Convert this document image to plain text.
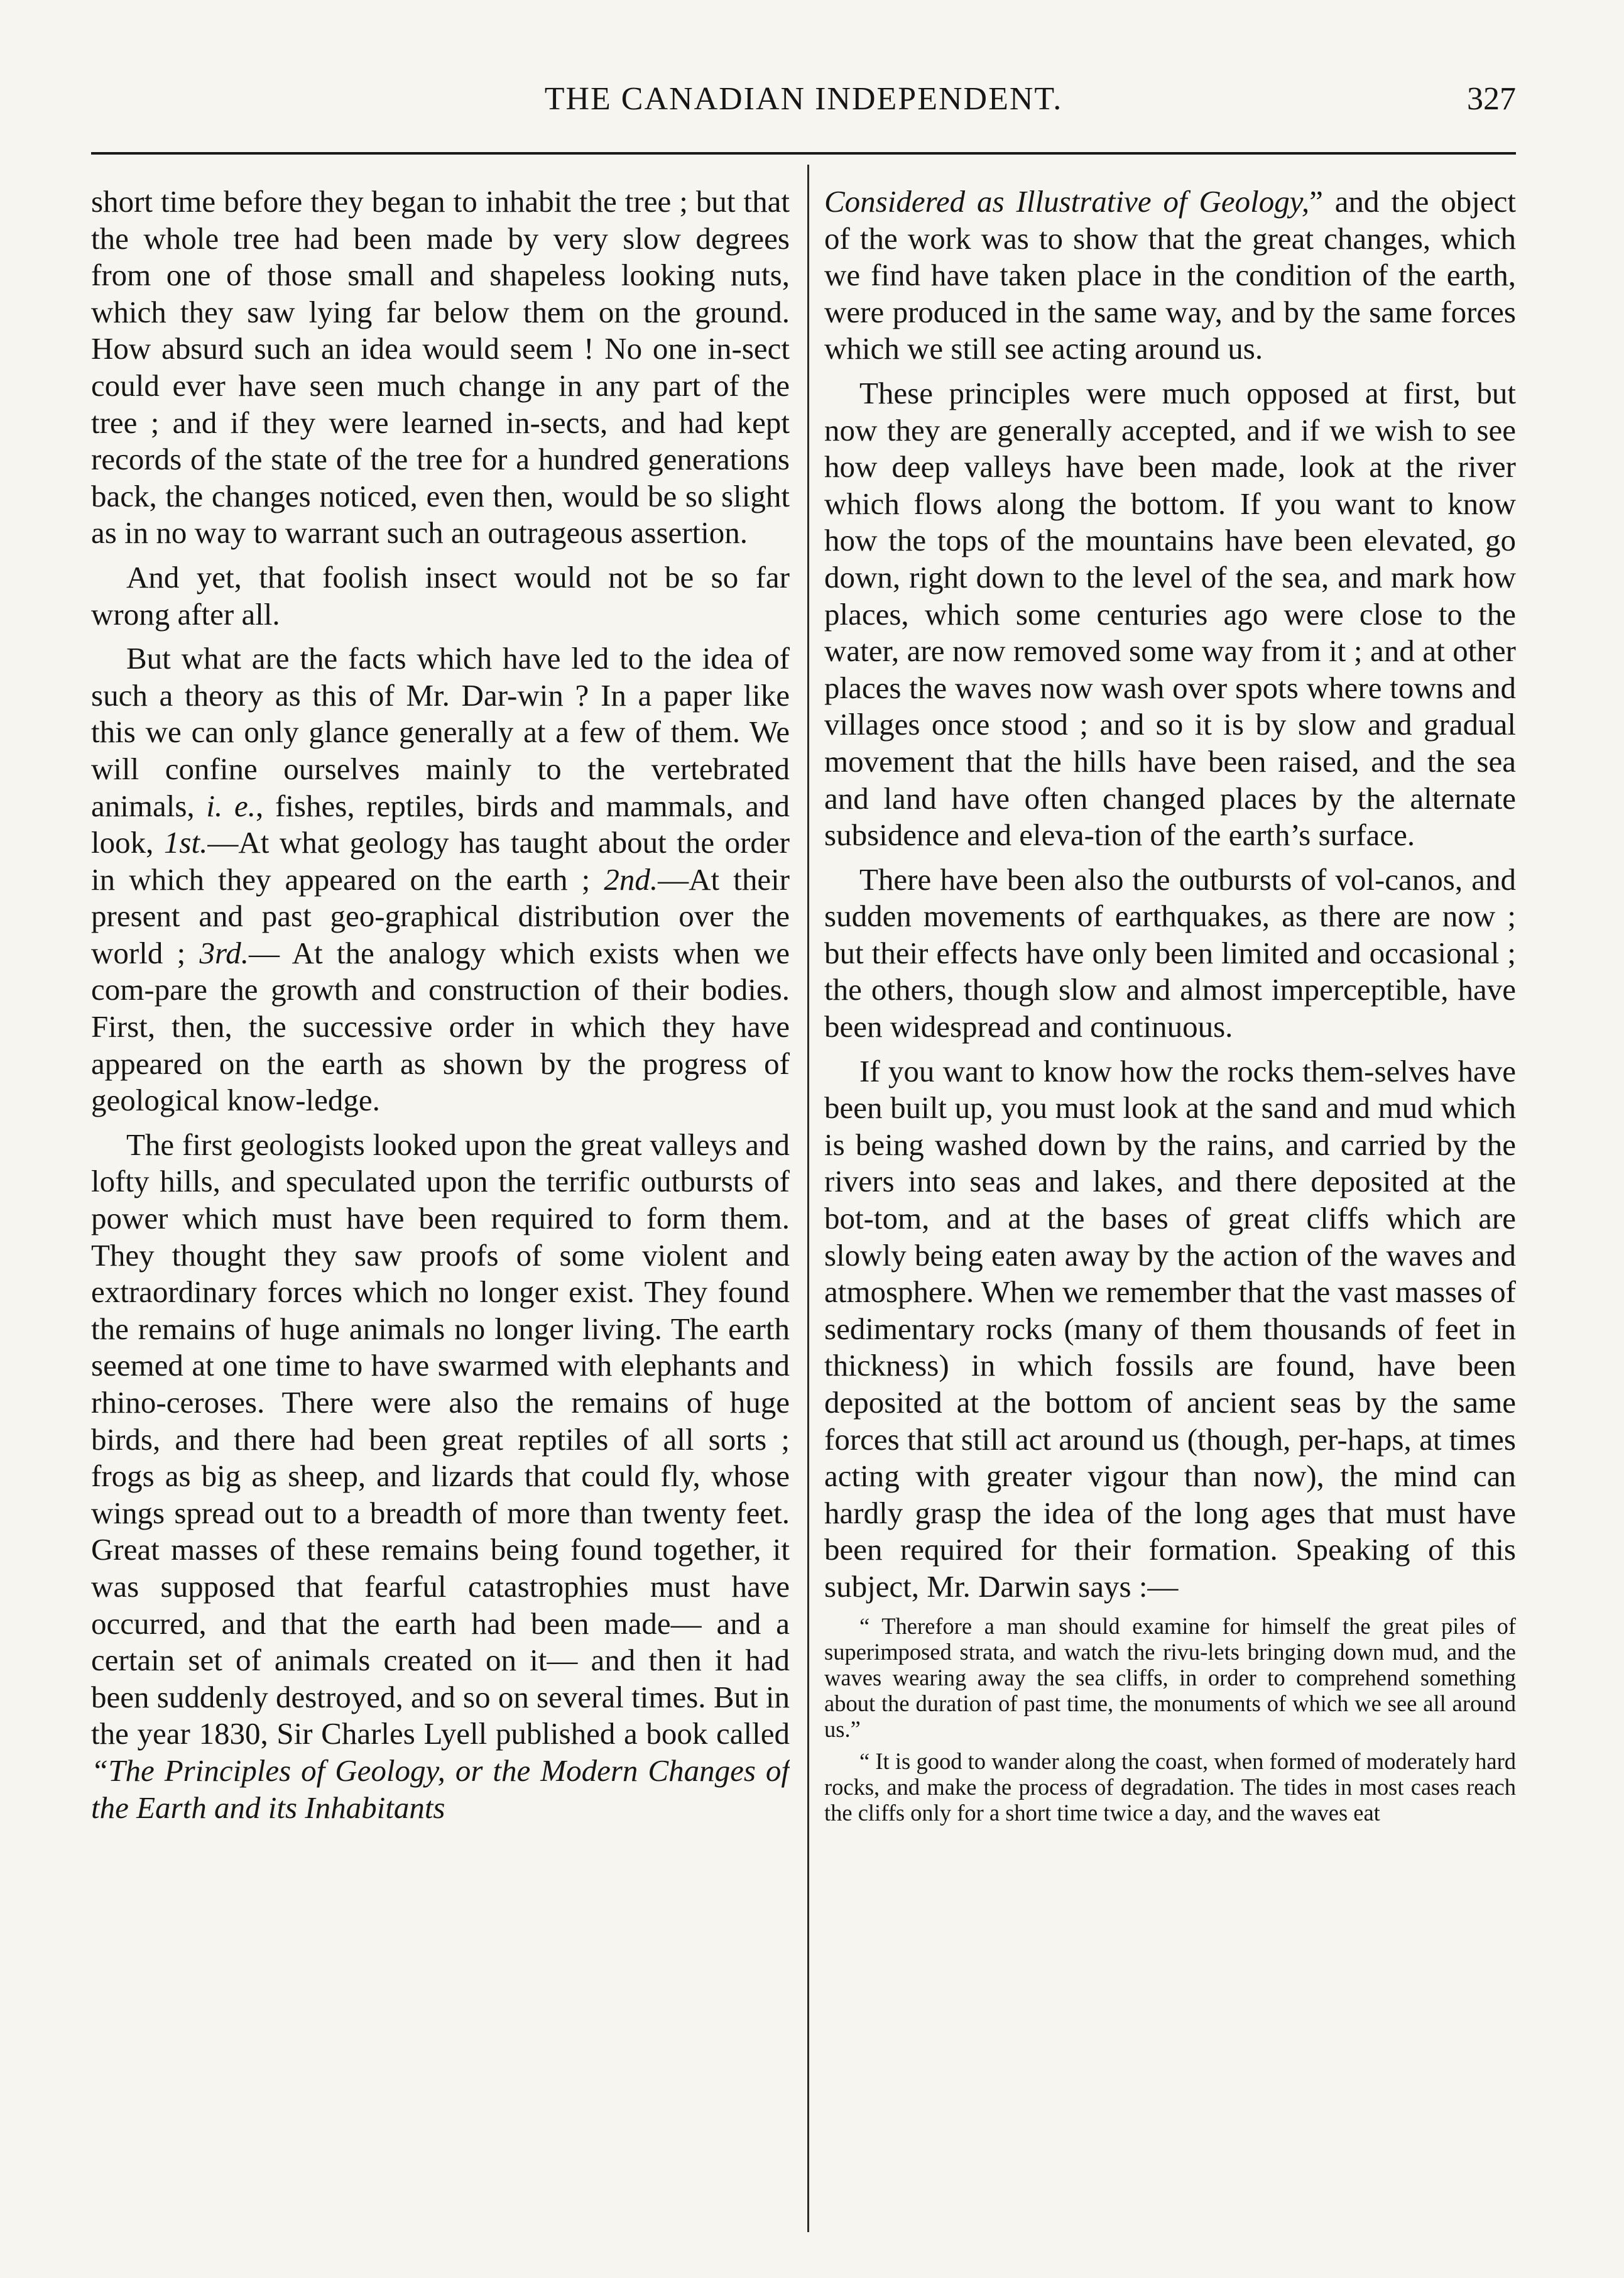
THE CANADIAN INDEPENDENT.	327

short time before they began to inhabit the tree ; but that the whole tree had been made by very slow degrees from one of those small and shapeless looking nuts, which they saw lying far below them on the ground. How absurd such an idea would seem ! No one in-sect could ever have seen much change in any part of the tree ; and if they were learned in-sects, and had kept records of the state of the tree for a hundred generations back, the changes noticed, even then, would be so slight as in no way to warrant such an outrageous assertion.

And yet, that foolish insect would not be so far wrong after all.

But what are the facts which have led to the idea of such a theory as this of Mr. Dar-win ? In a paper like this we can only glance generally at a few of them. We will confine ourselves mainly to the vertebrated animals, i. e., fishes, reptiles, birds and mammals, and look, 1st.—At what geology has taught about the order in which they appeared on the earth ; 2nd.—At their present and past geo-graphical distribution over the world ; 3rd.— At the analogy which exists when we com-pare the growth and construction of their bodies. First, then, the successive order in which they have appeared on the earth as shown by the progress of geological know-ledge.

The first geologists looked upon the great valleys and lofty hills, and speculated upon the terrific outbursts of power which must have been required to form them. They thought they saw proofs of some violent and extraordinary forces which no longer exist. They found the remains of huge animals no longer living. The earth seemed at one time to have swarmed with elephants and rhino-ceroses. There were also the remains of huge birds, and there had been great reptiles of all sorts ; frogs as big as sheep, and lizards that could fly, whose wings spread out to a breadth of more than twenty feet. Great masses of these remains being found together, it was supposed that fearful catastrophies must have occurred, and that the earth had been made— and a certain set of animals created on it— and then it had been suddenly destroyed, and so on several times. But in the year 1830, Sir Charles Lyell published a book called “The Principles of Geology, or the Modern Changes of the Earth and its Inhabitants

Considered as Illustrative of Geology,” and the object of the work was to show that the great changes, which we find have taken place in the condition of the earth, were produced in the same way, and by the same forces which we still see acting around us.

These principles were much opposed at first, but now they are generally accepted, and if we wish to see how deep valleys have been made, look at the river which flows along the bottom. If you want to know how the tops of the mountains have been elevated, go down, right down to the level of the sea, and mark how places, which some centuries ago were close to the water, are now removed some way from it ; and at other places the waves now wash over spots where towns and villages once stood ; and so it is by slow and gradual movement that the hills have been raised, and the sea and land have often changed places by the alternate subsidence and eleva-tion of the earth’s surface.

There have been also the outbursts of vol-canos, and sudden movements of earthquakes, as there are now ; but their effects have only been limited and occasional ; the others, though slow and almost imperceptible, have been widespread and continuous.

If you want to know how the rocks them-selves have been built up, you must look at the sand and mud which is being washed down by the rains, and carried by the rivers into seas and lakes, and there deposited at the bot-tom, and at the bases of great cliffs which are slowly being eaten away by the action of the waves and atmosphere. When we remember that the vast masses of sedimentary rocks (many of them thousands of feet in thickness) in which fossils are found, have been deposited at the bottom of ancient seas by the same forces that still act around us (though, per-haps, at times acting with greater vigour than now), the mind can hardly grasp the idea of the long ages that must have been required for their formation. Speaking of this subject, Mr. Darwin says :—

“ Therefore a man should examine for himself the great piles of superimposed strata, and watch the rivu-lets bringing down mud, and the waves wearing away the sea cliffs, in order to comprehend something about the duration of past time, the monuments of which we see all around us.”

“ It is good to wander along the coast, when formed of moderately hard rocks, and make the process of degradation. The tides in most cases reach the cliffs only for a short time twice a day, and the waves eat
